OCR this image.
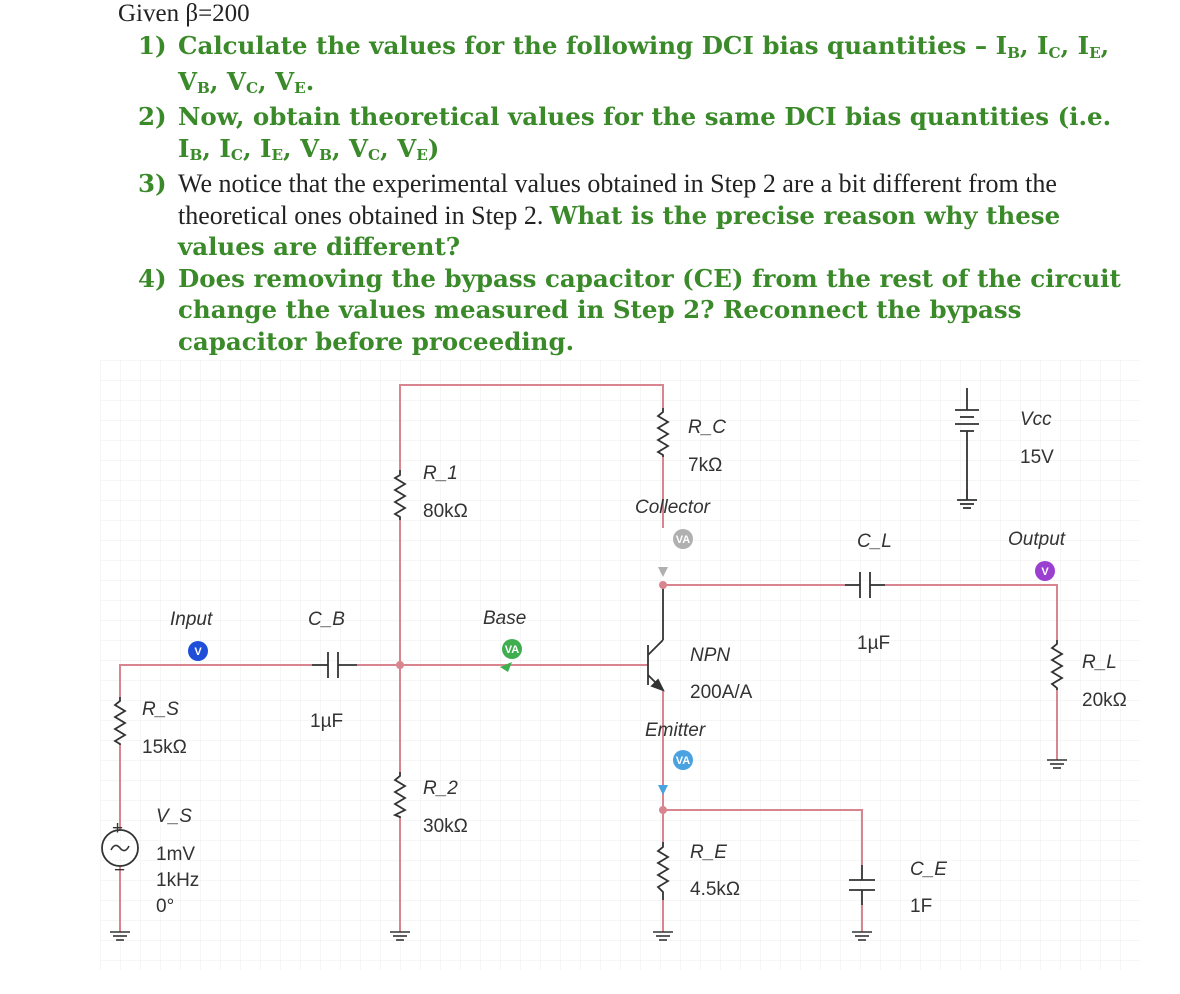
Given β=200
1) Calculate the values for the following DCI bias quantities – $I_B$, $I_C$, $I_E$, $V_B$, $V_C$, $V_E$.
2) Now, obtain theoretical values for the same DCI bias quantities (i.e. $I_B$, $I_C$, $I_E$, $V_B$, $V_C$, $V_E$)
3) We notice that the experimental values obtained in Step 2 are a bit different from the theoretical ones obtained in Step 2. What is the precise reason why these values are different?
4) Does removing the bypass capacitor (CE) from the rest of the circuit change the values measured in Step 2? Reconnect the bypass capacitor before proceeding.
+
−
V
V
VA
VA
VA
R_C
7kΩ
Vcc
15V
R_1
80kΩ	Collector
C_L
1µF
Output
Input	C_B
1µF
Base
NPN
200A/A
R_L
20kΩ
R_S
15kΩ
Emitter
R_2
30kΩ
V_S
1mV
1kHz
0°
R_E
4.5kΩ
C_E
1F
